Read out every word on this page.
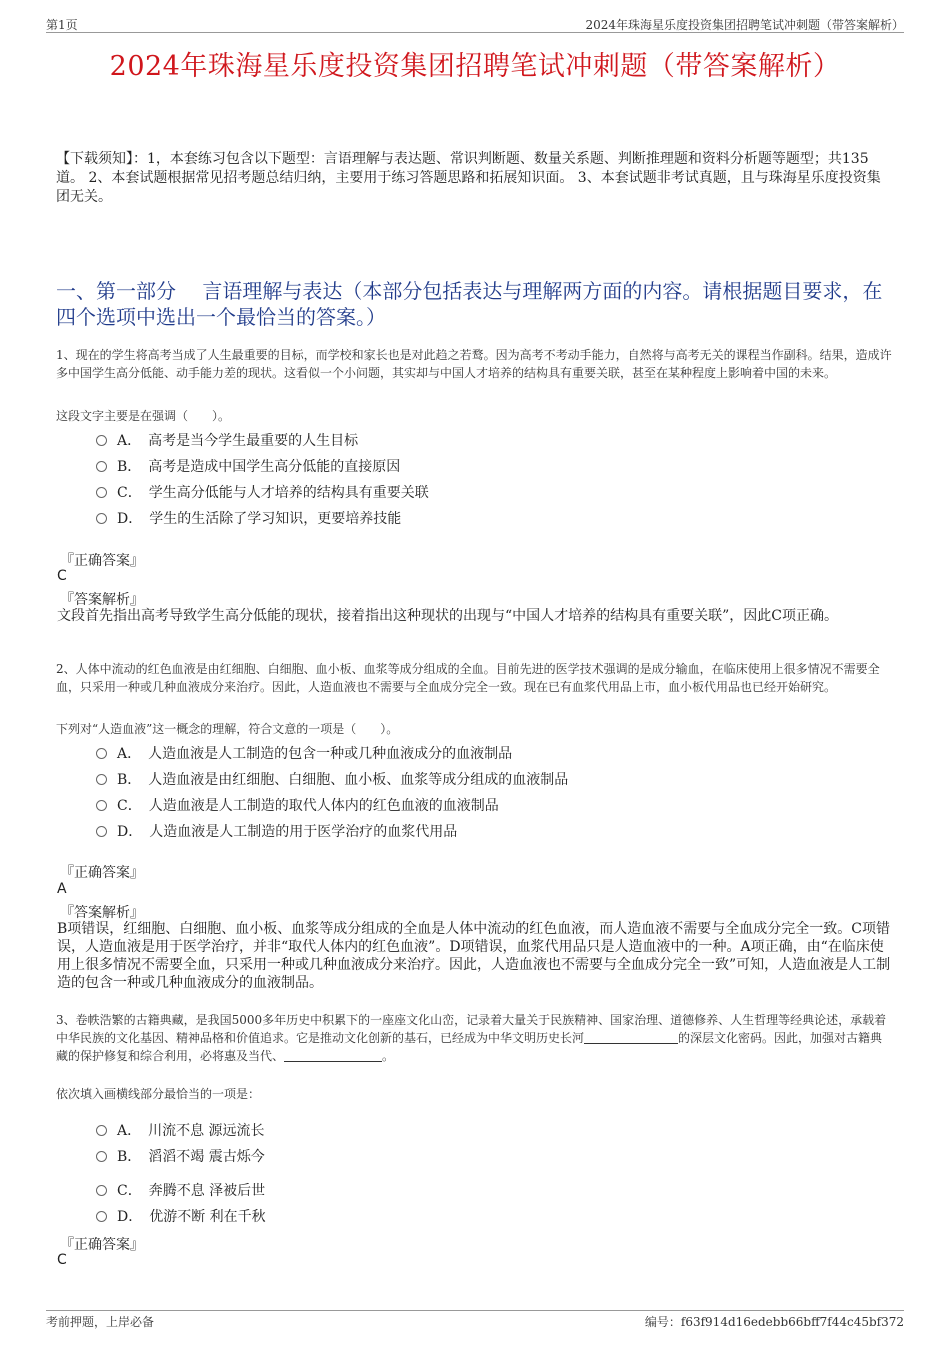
第1页	2024年珠海星乐度投资集团招聘笔试冲刺题（带答案解析）
2024年珠海星乐度投资集团招聘笔试冲刺题（带答案解析）
【下载须知】：1，本套练习包含以下题型：言语理解与表达题、常识判断题、数量关系题、判断推理题和资料分析题等题型；共135道。 2、本套试题根据常见招考题总结归纳，主要用于练习答题思路和拓展知识面。 3、本套试题非考试真题，且与珠海星乐度投资集团无关。
一、第一部分　 言语理解与表达（本部分包括表达与理解两方面的内容。请根据题目要求，在四个选项中选出一个最恰当的答案。）
1、现在的学生将高考当成了人生最重要的目标，而学校和家长也是对此趋之若鹜。因为高考不考动手能力，自然将与高考无关的课程当作副科。结果，造成许多中国学生高分低能、动手能力差的现状。这看似一个小问题，其实却与中国人才培养的结构具有重要关联，甚至在某种程度上影响着中国的未来。
这段文字主要是在强调（　　）。
A．　高考是当今学生最重要的人生目标
B．　高考是造成中国学生高分低能的直接原因
C．　学生高分低能与人才培养的结构具有重要关联
D．　学生的生活除了学习知识，更要培养技能
『正确答案』
C
『答案解析』
文段首先指出高考导致学生高分低能的现状，接着指出这种现状的出现与“中国人才培养的结构具有重要关联”，因此C项正确。
2、人体中流动的红色血液是由红细胞、白细胞、血小板、血浆等成分组成的全血。目前先进的医学技术强调的是成分输血，在临床使用上很多情况不需要全血，只采用一种或几种血液成分来治疗。因此，人造血液也不需要与全血成分完全一致。现在已有血浆代用品上市，血小板代用品也已经开始研究。
下列对“人造血液”这一概念的理解，符合文意的一项是（　　）。
A．　人造血液是人工制造的包含一种或几种血液成分的血液制品
B．　人造血液是由红细胞、白细胞、血小板、血浆等成分组成的血液制品
C．　人造血液是人工制造的取代人体内的红色血液的血液制品
D．　人造血液是人工制造的用于医学治疗的血浆代用品
『正确答案』
A
『答案解析』
B项错误，红细胞、白细胞、血小板、血浆等成分组成的全血是人体中流动的红色血液，而人造血液不需要与全血成分完全一致。C项错误，人造血液是用于医学治疗，并非“取代人体内的红色血液”。D项错误，血浆代用品只是人造血液中的一种。A项正确，由“在临床使用上很多情况不需要全血，只采用一种或几种血液成分来治疗。因此，人造血液也不需要与全血成分完全一致”可知，人造血液是人工制造的包含一种或几种血液成分的血液制品。
3、卷帙浩繁的古籍典藏，是我国5000多年历史中积累下的一座座文化山峦，记录着大量关于民族精神、国家治理、道德修养、人生哲理等经典论述，承载着中华民族的文化基因、精神品格和价值追求。它是推动文化创新的基石，已经成为中华文明历史长河	的深层文化密码。因此，加强对古籍典藏的保护修复和综合利用，必将惠及当代、	。
依次填入画横线部分最恰当的一项是：
A．　川流不息 源远流长
B．　滔滔不竭 震古烁今
C．　奔腾不息 泽被后世
D．　优游不断 利在千秋
『正确答案』
C
考前押题，上岸必备	编号：f63f914d16edebb66bff7f44c45bf372
